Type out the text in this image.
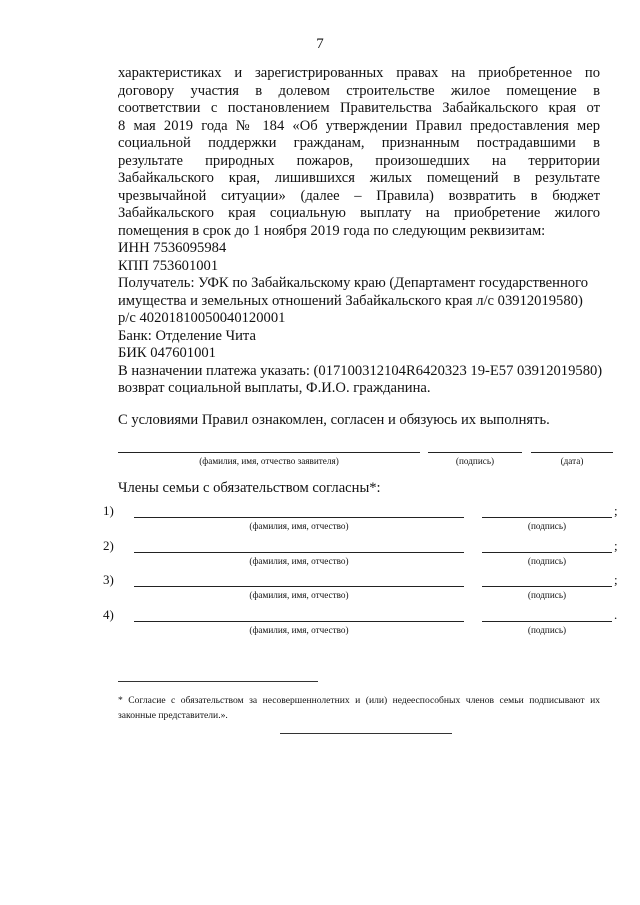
7
характеристиках и зарегистрированных правах на приобретенное по
договору участия в долевом строительстве жилое помещение в
соответствии с постановлением Правительства Забайкальского края от
8 мая 2019 года № 184 «Об утверждении Правил предоставления мер
социальной поддержки гражданам, признанным пострадавшими в
результате природных пожаров, произошедших на территории
Забайкальского края, лишившихся жилых помещений в результате
чрезвычайной ситуации» (далее – Правила) возвратить в бюджет
Забайкальского края социальную выплату на приобретение жилого
помещения в срок до 1 ноября 2019 года по следующим реквизитам:
ИНН 7536095984
КПП 753601001
Получатель: УФК по Забайкальскому краю (Департамент государственного
имущества и земельных отношений Забайкальского края л/с 03912019580)
р/с 40201810050040120001
Банк: Отделение Чита
БИК 047601001
В назначении платежа указать: (017100312104R6420323 19-Е57 03912019580)
возврат социальной выплаты, Ф.И.О. гражданина.
С условиями Правил ознакомлен, согласен и обязуюсь их выполнять.
(фамилия, имя, отчество заявителя)	(подпись)	(дата)
Члены семьи с обязательством согласны*:
1)	;
(фамилия, имя, отчество)	(подпись)
2)	;
(фамилия, имя, отчество)	(подпись)
3)	;
(фамилия, имя, отчество)	(подпись)
4)	.
(фамилия, имя, отчество)	(подпись)
* Согласие с обязательством за несовершеннолетних и (или) недееспособных членов семьи подписывают их законные представители.».
